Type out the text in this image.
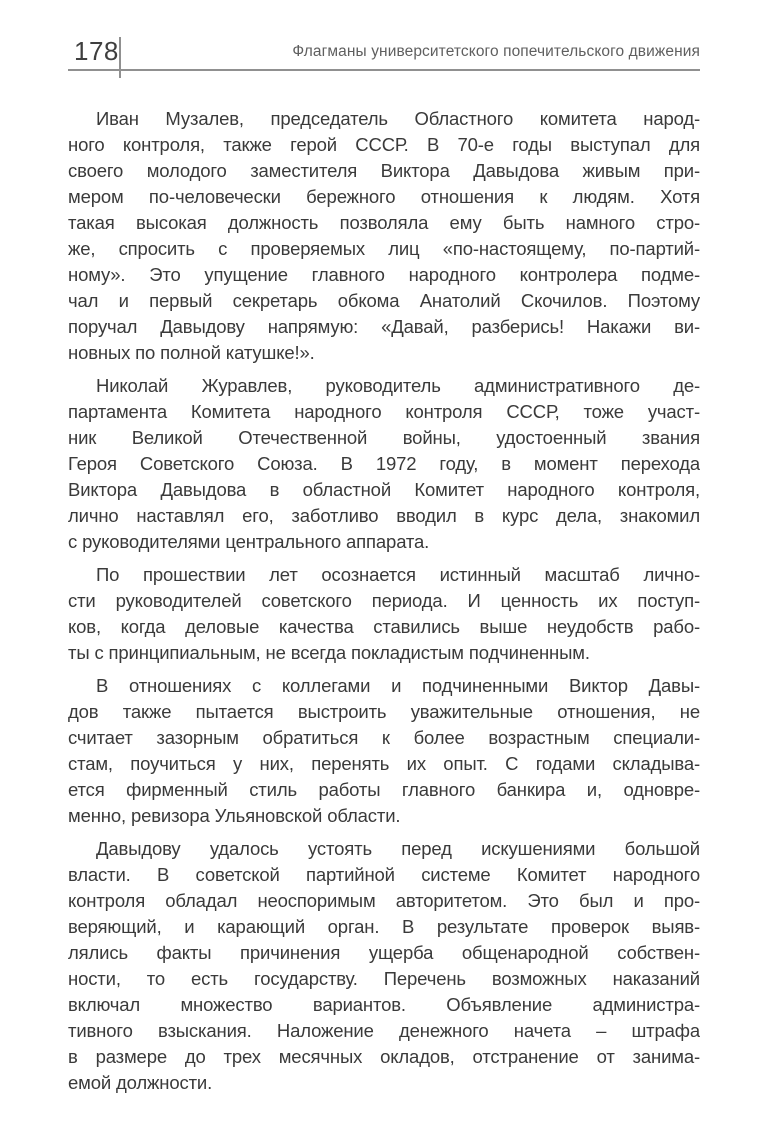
178	Флагманы университетского попечительского движения
Иван Музалев, председатель Областного комитета народ-
ного контроля, также герой СССР. В 70-е годы выступал для
своего молодого заместителя Виктора Давыдова живым при-
мером по-человечески бережного отношения к людям. Хотя
такая высокая должность позволяла ему быть намного стро-
же, спросить с проверяемых лиц «по-настоящему, по-партий-
ному». Это упущение главного народного контролера подме-
чал и первый секретарь обкома Анатолий Скочилов. Поэтому
поручал Давыдову напрямую: «Давай, разберись! Накажи ви-
новных по полной катушке!».
Николай Журавлев, руководитель административного де-
партамента Комитета народного контроля СССР, тоже участ-
ник Великой Отечественной войны, удостоенный звания
Героя Советского Союза. В 1972 году, в момент перехода
Виктора Давыдова в областной Комитет народного контроля,
лично наставлял его, заботливо вводил в курс дела, знакомил
с руководителями центрального аппарата.
По прошествии лет осознается истинный масштаб лично-
сти руководителей советского периода. И ценность их поступ-
ков, когда деловые качества ставились выше неудобств рабо-
ты с принципиальным, не всегда покладистым подчиненным.
В отношениях с коллегами и подчиненными Виктор Давы-
дов также пытается выстроить уважительные отношения, не
считает зазорным обратиться к более возрастным специали-
стам, поучиться у них, перенять их опыт. С годами складыва-
ется фирменный стиль работы главного банкира и, одновре-
менно, ревизора Ульяновской области.
Давыдову удалось устоять перед искушениями большой
власти. В советской партийной системе Комитет народного
контроля обладал неоспоримым авторитетом. Это был и про-
веряющий, и карающий орган. В результате проверок выяв-
лялись факты причинения ущерба общенародной собствен-
ности, то есть государству. Перечень возможных наказаний
включал множество вариантов. Объявление администра-
тивного взыскания. Наложение денежного начета – штрафа
в размере до трех месячных окладов, отстранение от занима-
емой должности.
